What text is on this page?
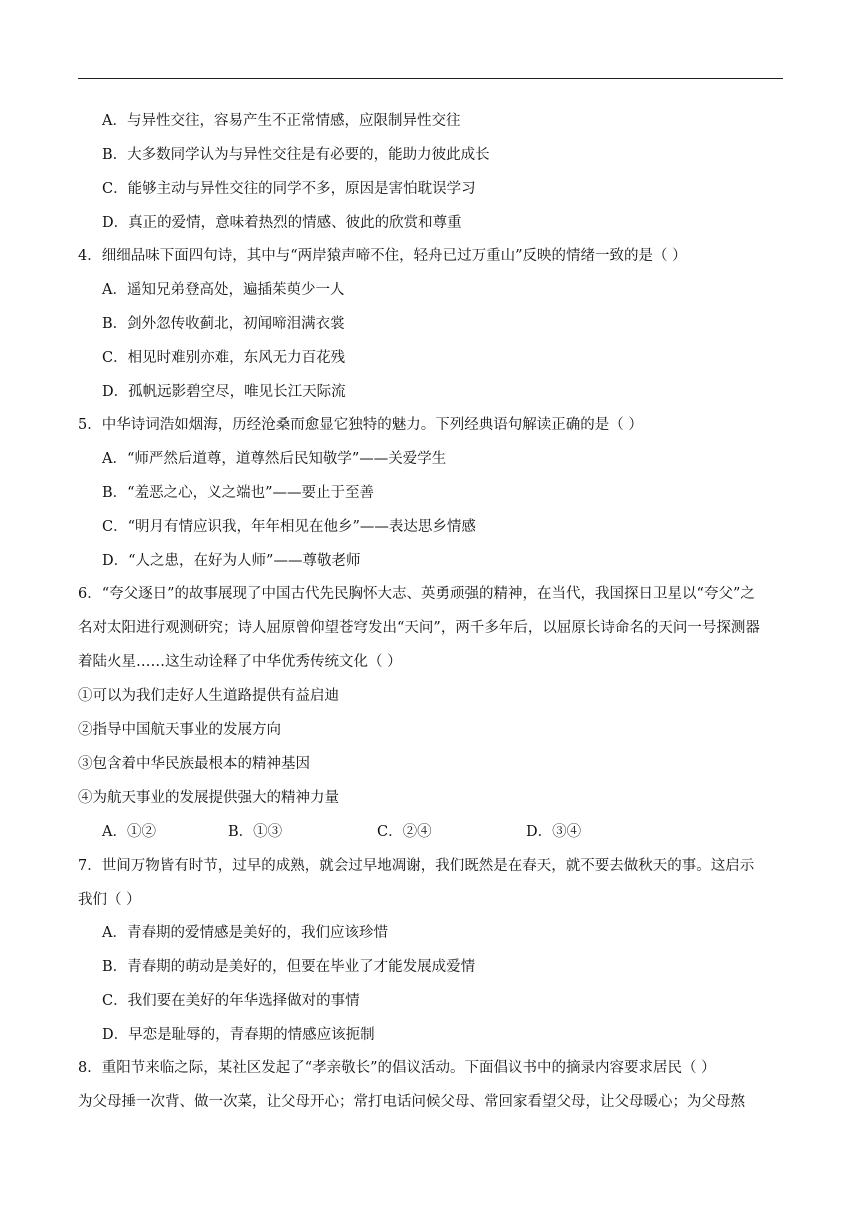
A．与异性交往，容易产生不正常情感，应限制异性交往
B．大多数同学认为与异性交往是有必要的，能助力彼此成长
C．能够主动与异性交往的同学不多，原因是害怕耽误学习
D．真正的爱情，意味着热烈的情感、彼此的欣赏和尊重
4．细细品味下面四句诗，其中与“两岸猿声啼不住，轻舟已过万重山”反映的情绪一致的是（ ）
A．遥知兄弟登高处，遍插茱萸少一人
B．剑外忽传收蓟北，初闻啼泪满衣裳
C．相见时难别亦难，东风无力百花残
D．孤帆远影碧空尽，唯见长江天际流
5．中华诗词浩如烟海，历经沧桑而愈显它独特的魅力。下列经典语句解读正确的是（ ）
A．“师严然后道尊，道尊然后民知敬学”——关爱学生
B．“羞恶之心，义之端也”——要止于至善
C．“明月有情应识我，年年相见在他乡”——表达思乡情感
D．“人之患，在好为人师”——尊敬老师
6．“夸父逐日”的故事展现了中国古代先民胸怀大志、英勇顽强的精神，在当代，我国探日卫星以“夸父”之
名对太阳进行观测研究；诗人屈原曾仰望苍穹发出“天问”，两千多年后，以屈原长诗命名的天问一号探测器
着陆火星……这生动诠释了中华优秀传统文化（ ）
①可以为我们走好人生道路提供有益启迪
②指导中国航天事业的发展方向
③包含着中华民族最根本的精神基因
④为航天事业的发展提供强大的精神力量
A．①②	B．①③	C．②④	D．③④
7．世间万物皆有时节，过早的成熟，就会过早地凋谢，我们既然是在春天，就不要去做秋天的事。这启示
我们（ ）
A．青春期的爱情感是美好的，我们应该珍惜
B．青春期的萌动是美好的，但要在毕业了才能发展成爱情
C．我们要在美好的年华选择做对的事情
D．早恋是耻辱的，青春期的情感应该扼制
8．重阳节来临之际，某社区发起了“孝亲敬长”的倡议活动。下面倡议书中的摘录内容要求居民（ ）
为父母捶一次背、做一次菜，让父母开心；常打电话问候父母、常回家看望父母，让父母暖心；为父母熬
